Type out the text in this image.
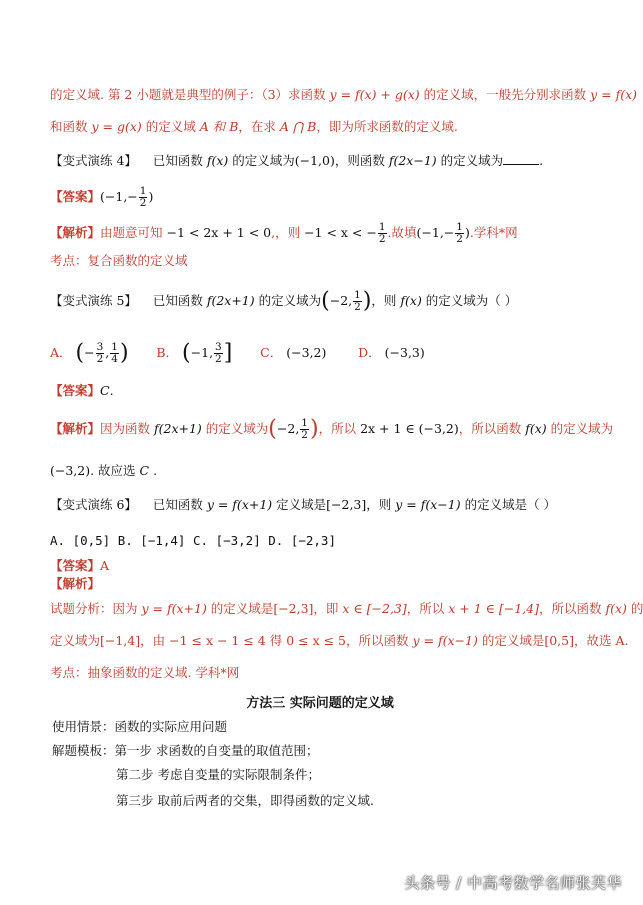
的定义域. 第 2 小题就是典型的例子：（3）求函数 y = f(x) + g(x) 的定义域，一般先分别求函数 y = f(x)
和函数 y = g(x) 的定义域 A 和 B，在求 A ⋂ B，即为所求函数的定义域.
【变式演练 4】 已知函数 f(x) 的定义域为(−1,0)，则函数 f(2x−1) 的定义域为	.
【答案】($-1,- \frac{1}{2}$ )
【解析】由题意可知 −1 < 2x + 1 < 0,，则 −1 < x < − $\frac{1}{2}$ .故填($-1,- \frac{1}{2}$ ).学科*网
考点：复合函数的定义域
【变式演练 5】 已知函数 f(2x+1) 的定义域为(−2, $\frac{1}{2}$ )，则 f(x) 的定义域为（ ）
A． (− $\frac{3}{2}$ , $\frac{1}{4}$ ) B． (−1, $\frac{3}{2}$ ] C． (−3,2)	D． (−3,3)
【答案】C.
【解析】因为函数 f(2x+1) 的定义域为(−2, $\frac{1}{2}$ )，所以 2x + 1 ∈ (−3,2)，所以函数 f(x) 的定义域为
(−3,2). 故应选 C .
【变式演练 6】 已知函数 y = f(x+1) 定义域是[−2,3]，则 y = f(x−1) 的定义域是（ ）
A. [0,5] B. [−1,4] C. [−3,2] D. [−2,3]
【答案】A
【解析】
试题分析：因为 y = f(x+1) 的定义域是[−2,3]，即 x ∈ [−2,3]，所以 x + 1 ∈ [−1,4]，所以函数 f(x) 的
定义域为[−1,4]，由 −1 ≤ x − 1 ≤ 4 得 0 ≤ x ≤ 5，所以函数 y = f(x−1) 的定义域是[0,5]，故选 A.
考点：抽象函数的定义域. 学科*网
方法三 实际问题的定义域
使用情景：函数的实际应用问题
解题模板：第一步 求函数的自变量的取值范围；
第二步 考虑自变量的实际限制条件；
第三步 取前后两者的交集，即得函数的定义域.
头条号 / 中高考数学名师张芙华
